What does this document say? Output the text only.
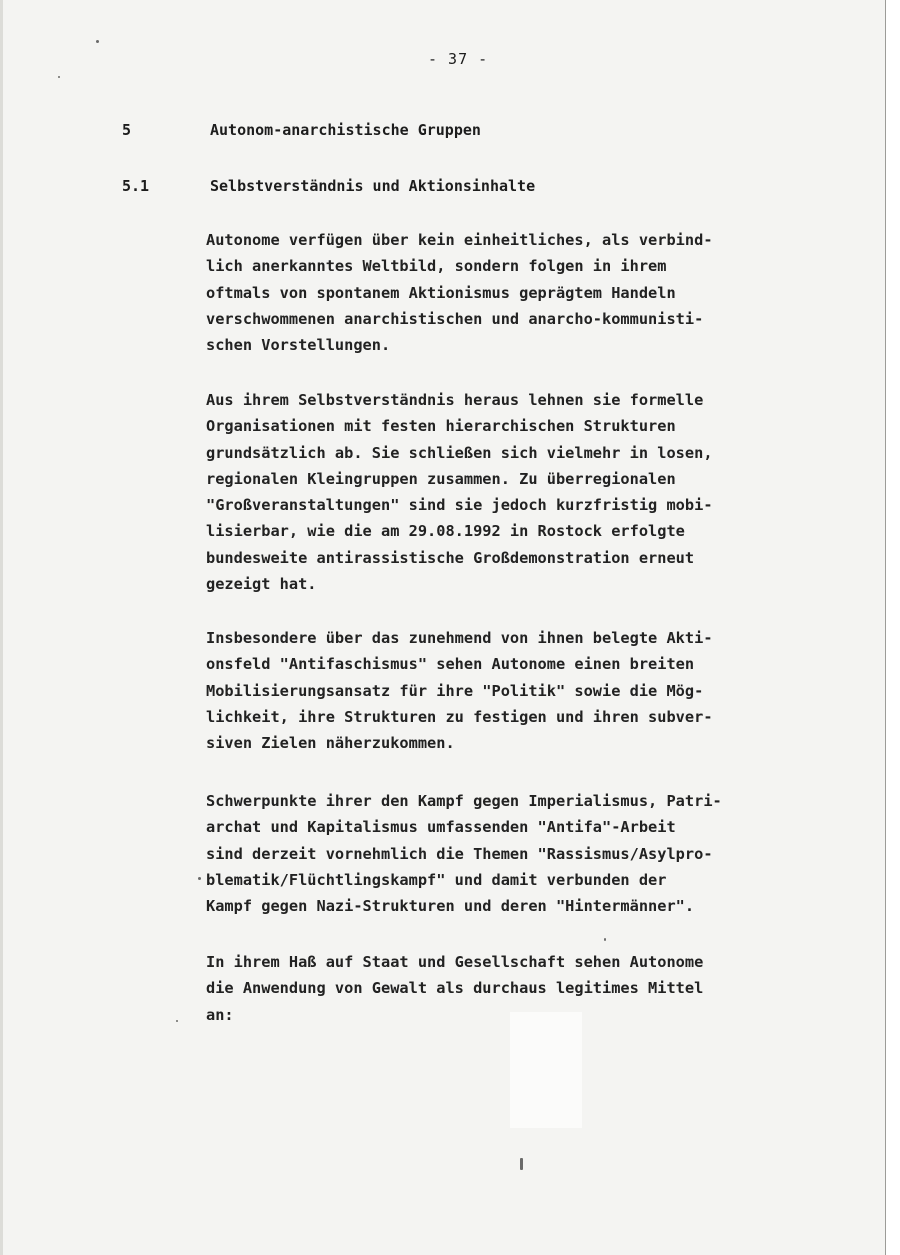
- 37 -
5	Autonom-anarchistische Gruppen
5.1	Selbstverständnis und Aktionsinhalte
Autonome verfügen über kein einheitliches, als verbind-
lich anerkanntes Weltbild, sondern folgen in ihrem
oftmals von spontanem Aktionismus geprägtem Handeln
verschwommenen anarchistischen und anarcho-kommunisti-
schen Vorstellungen.
Aus ihrem Selbstverständnis heraus lehnen sie formelle
Organisationen mit festen hierarchischen Strukturen
grundsätzlich ab. Sie schließen sich vielmehr in losen,
regionalen Kleingruppen zusammen. Zu überregionalen
"Großveranstaltungen" sind sie jedoch kurzfristig mobi-
lisierbar, wie die am 29.08.1992 in Rostock erfolgte
bundesweite antirassistische Großdemonstration erneut
gezeigt hat.
Insbesondere über das zunehmend von ihnen belegte Akti-
onsfeld "Antifaschismus" sehen Autonome einen breiten
Mobilisierungsansatz für ihre "Politik" sowie die Mög-
lichkeit, ihre Strukturen zu festigen und ihren subver-
siven Zielen näherzukommen.
Schwerpunkte ihrer den Kampf gegen Imperialismus, Patri-
archat und Kapitalismus umfassenden "Antifa"-Arbeit
sind derzeit vornehmlich die Themen "Rassismus/Asylpro-
blematik/Flüchtlingskampf" und damit verbunden der
Kampf gegen Nazi-Strukturen und deren "Hintermänner".
In ihrem Haß auf Staat und Gesellschaft sehen Autonome
die Anwendung von Gewalt als durchaus legitimes Mittel
an:
